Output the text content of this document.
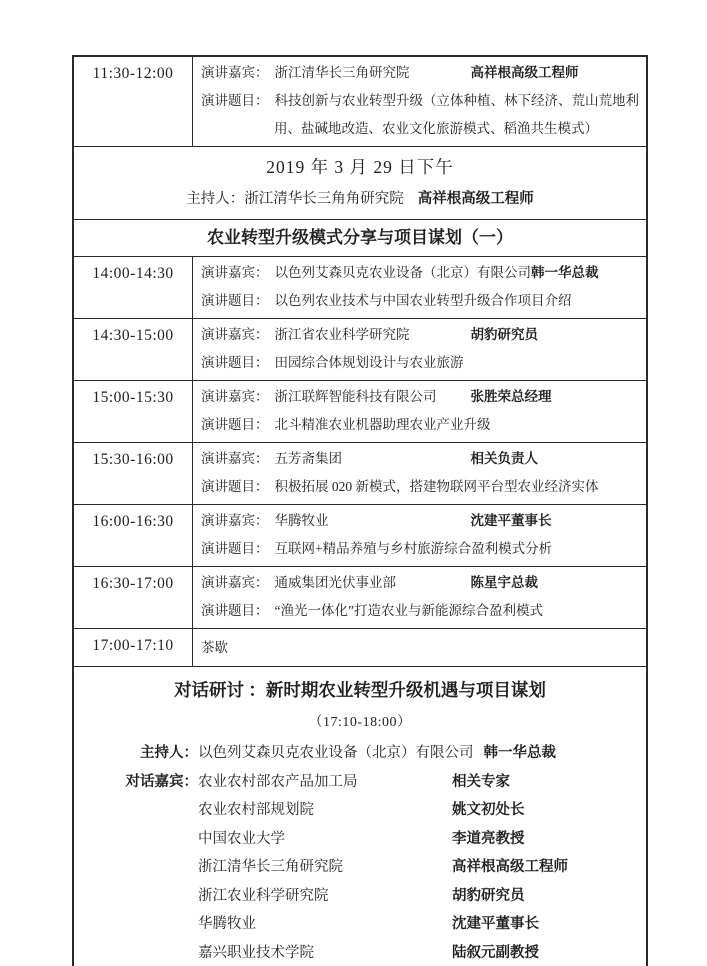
11:30-12:00	演讲嘉宾： 浙江清华长三角研究院	高祥根高级工程师
演讲题目： 科技创新与农业转型升级（立体种植、林下经济、荒山荒地利用、盐碱地改造、农业文化旅游模式、稻渔共生模式）
2019 年 3 月 29 日下午
主持人：浙江清华长三角角研究院 高祥根高级工程师
农业转型升级模式分享与项目谋划（一）
14:00-14:30	演讲嘉宾： 以色列艾森贝克农业设备（北京）有限公司韩一华总裁
演讲题目： 以色列农业技术与中国农业转型升级合作项目介绍
14:30-15:00	演讲嘉宾： 浙江省农业科学研究院	胡豹研究员
演讲题目： 田园综合体规划设计与农业旅游
15:00-15:30	演讲嘉宾： 浙江联辉智能科技有限公司	张胜荣总经理
演讲题目： 北斗精准农业机器助理农业产业升级
15:30-16:00	演讲嘉宾： 五芳斋集团	相关负责人
演讲题目： 积极拓展 020 新模式，搭建物联网平台型农业经济实体
16:00-16:30	演讲嘉宾： 华腾牧业	沈建平董事长
演讲题目： 互联网+精品养殖与乡村旅游综合盈利模式分析
16:30-17:00	演讲嘉宾： 通威集团光伏事业部	陈星宇总裁
演讲题目： “渔光一体化”打造农业与新能源综合盈利模式
17:00-17:10	茶歇
对话研讨 ：新时期农业转型升级机遇与项目谋划
（17:10-18:00）
主持人：以色列艾森贝克农业设备（北京）有限公司 韩一华总裁
对话嘉宾：农业农村部农产品加工局	相关专家
农业农村部规划院	姚文初处长
中国农业大学	李道亮教授
浙江清华长三角研究院	高祥根高级工程师
浙江农业科学研究院	胡豹研究员
华腾牧业	沈建平董事长
嘉兴职业技术学院	陆叙元副教授
